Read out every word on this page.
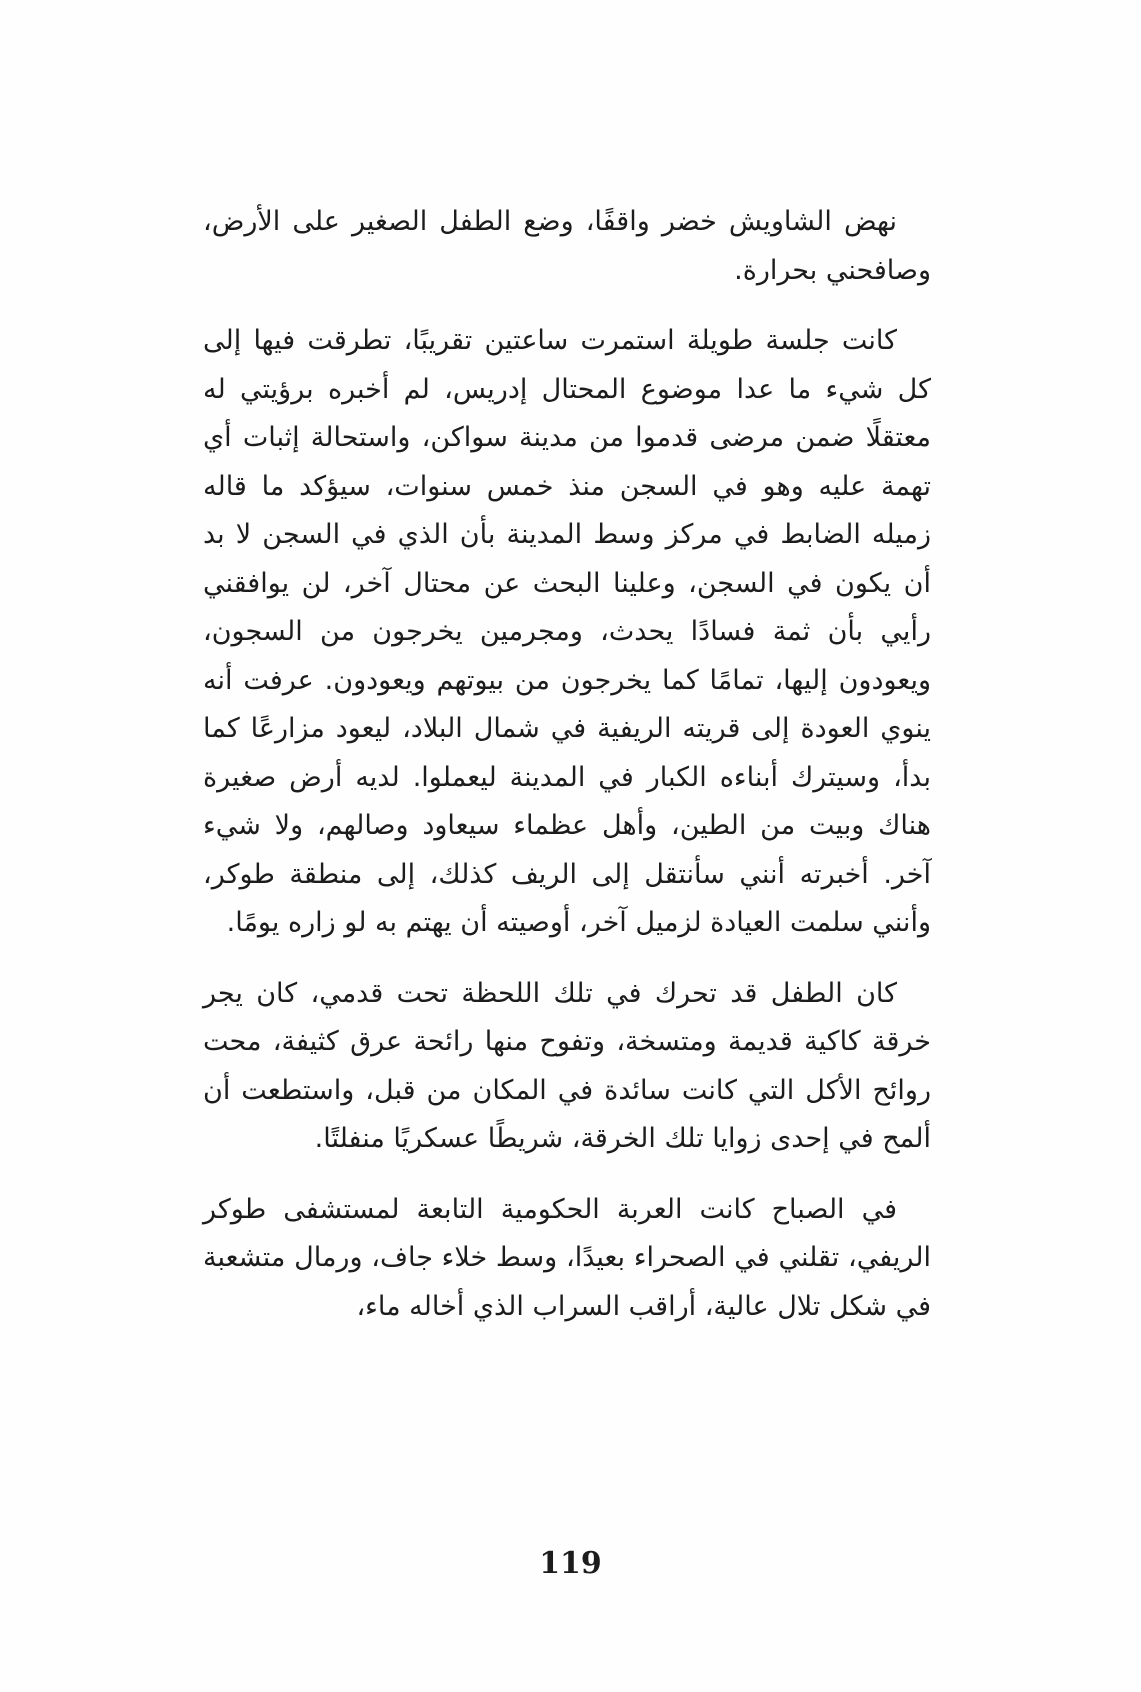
نهض الشاويش خضر واقفًا، وضع الطفل الصغير على الأرض، وصافحني بحرارة.

كانت جلسة طويلة استمرت ساعتين تقريبًا، تطرقت فيها إلى كل شيء ما عدا موضوع المحتال إدريس، لم أخبره برؤيتي له معتقلًا ضمن مرضى قدموا من مدينة سواكن، واستحالة إثبات أي تهمة عليه وهو في السجن منذ خمس سنوات، سيؤكد ما قاله زميله الضابط في مركز وسط المدينة بأن الذي في السجن لا بد أن يكون في السجن، وعلينا البحث عن محتال آخر، لن يوافقني رأيي بأن ثمة فسادًا يحدث، ومجرمين يخرجون من السجون، ويعودون إليها، تمامًا كما يخرجون من بيوتهم ويعودون. عرفت أنه ينوي العودة إلى قريته الريفية في شمال البلاد، ليعود مزارعًا كما بدأ، وسيترك أبناءه الكبار في المدينة ليعملوا. لديه أرض صغيرة هناك وبيت من الطين، وأهل عظماء سيعاود وصالهم، ولا شيء آخر. أخبرته أنني سأنتقل إلى الريف كذلك، إلى منطقة طوكر، وأنني سلمت العيادة لزميل آخر، أوصيته أن يهتم به لو زاره يومًا.

كان الطفل قد تحرك في تلك اللحظة تحت قدمي، كان يجر خرقة كاكية قديمة ومتسخة، وتفوح منها رائحة عرق كثيفة، محت روائح الأكل التي كانت سائدة في المكان من قبل، واستطعت أن ألمح في إحدى زوايا تلك الخرقة، شريطًا عسكريًا منفلتًا.

في الصباح كانت العربة الحكومية التابعة لمستشفى طوكر الريفي، تقلني في الصحراء بعيدًا، وسط خلاء جاف، ورمال متشعبة في شكل تلال عالية، أراقب السراب الذي أخاله ماء،

119
